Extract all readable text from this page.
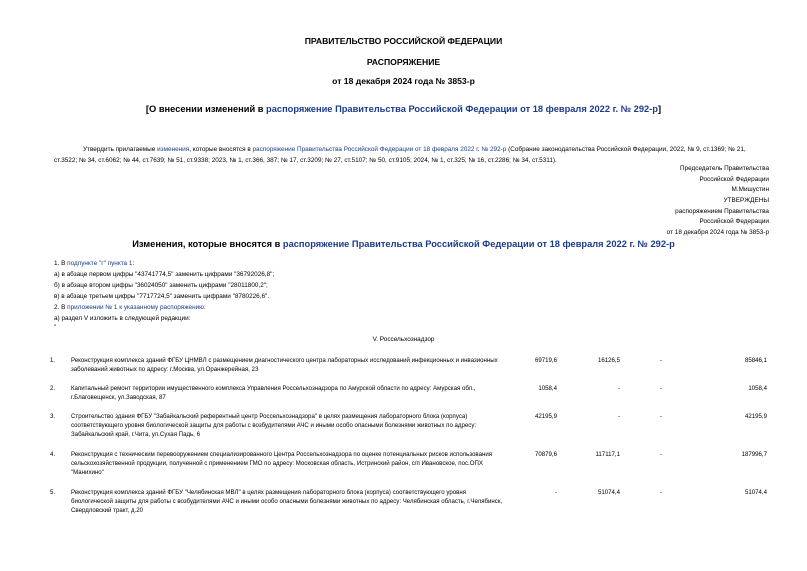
ПРАВИТЕЛЬСТВО РОССИЙСКОЙ ФЕДЕРАЦИИ
РАСПОРЯЖЕНИЕ
от 18 декабря 2024 года № 3853-р
[О внесении изменений в распоряжение Правительства Российской Федерации от 18 февраля 2022 г. № 292-р]
Утвердить прилагаемые изменения, которые вносятся в распоряжение Правительства Российской Федерации от 18 февраля 2022 г. № 292-р (Собрание законодательства Российской Федерации, 2022, № 9, ст.1369; № 21, ст.3522; № 34, ст.6062; № 44, ст.7639; № 51, ст.9338; 2023, № 1, ст.366, 387; № 17, ст.3209; № 27, ст.5107; № 50, ст.9105; 2024, № 1, ст.325; № 16, ст.2286; № 34, ст.5311).
Председатель Правительства
Российской Федерации
М.Мишустин
УТВЕРЖДЕНЫ
распоряжением Правительства
Российской Федерации
от 18 декабря 2024 года № 3853-р
Изменения, которые вносятся в распоряжение Правительства Российской Федерации от 18 февраля 2022 г. № 292-р
1. В подпункте "г" пункта 1:
а) в абзаце первом цифры "43741774,5" заменить цифрами "36792026,8";
б) в абзаце втором цифры "36024050" заменить цифрами "28011800,2";
в) в абзаце третьем цифры "7717724,5" заменить цифрами "8780226,6".
2. В приложении № 1 к указанному распоряжению:
а) раздел V изложить в следующей редакции:
"
V. Россельхознадзор
1.	Реконструкция комплекса зданий ФГБУ ЦНМВЛ с размещением диагностического центра лабораторных исследований инфекционных и инвазионных заболеваний животных по адресу: г.Москва, ул.Оранжерейная, 23
69719,6	16126,5	-	85846,1
2.	Капитальный ремонт территории имущественного комплекса Управления Россельхознадзора по Амурской области по адресу: Амурская обл., г.Благовещенск, ул.Заводская, 87
1058,4	-	-	1058,4
3.	Строительство здания ФГБУ "Забайкальский референтный центр Россельхознадзора" в целях размещения лабораторного блока (корпуса) соответствующего уровня биологической защиты для работы с возбудителями АЧС и иными особо опасными болезнями животных по адресу: Забайкальский край, г.Чита, ул.Сухая Падь, 6
42195,9	-	-	42195,9
4.	Реконструкция с техническим перевооружением специализированного Центра Россельхознадзора по оценке потенциальных рисков использования сельскохозяйственной продукции, полученной с применением ГМО по адресу: Московская область, Истринский район, с/п Ивановское, пос.ОПХ "Манихино"
70879,6	117117,1	-	187996,7
5.	Реконструкция комплекса зданий ФГБУ "Челябинская МВЛ" в целях размещения лабораторного блока (корпуса) соответствующего уровня биологической защиты для работы с возбудителями АЧС и иными особо опасными болезнями животных по адресу: Челябинская область, г.Челябинск, Свердловский тракт, д.20
-	51074,4	-	51074,4
